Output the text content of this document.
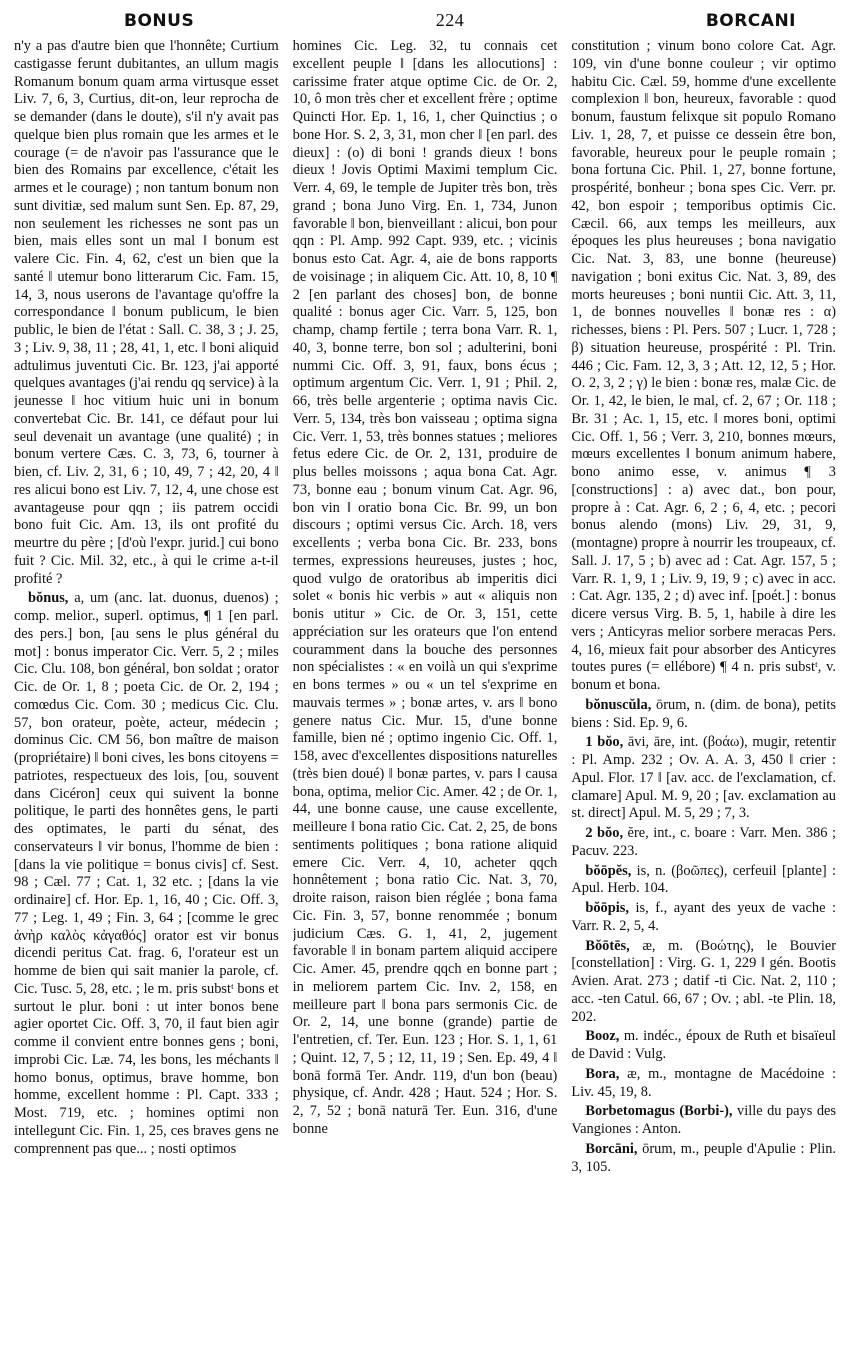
BONUS	224	BORCANI

n'y a pas d'autre bien que l'honnête; Curtium castigasse ferunt dubitantes, an ullum magis Romanum bonum quam arma virtusque esset Liv. 7, 6, 3, Curtius, dit-on, leur reprocha de se demander (dans le doute), s'il n'y avait pas quelque bien plus romain que les armes et le courage (= de n'avoir pas l'assurance que le bien des Romains par excellence, c'était les armes et le courage) ; non tantum bonum non sunt divitiæ, sed malum sunt Sen. Ep. 87, 29, non seulement les richesses ne sont pas un bien, mais elles sont un mal ‖ bonum est valere Cic. Fin. 4, 62, c'est un bien que la santé ‖ utemur bono litterarum Cic. Fam. 15, 14, 3, nous userons de l'avantage qu'offre la correspondance ‖ bonum publicum, le bien public, le bien de l'état : Sall. C. 38, 3 ; J. 25, 3 ; Liv. 9, 38, 11 ; 28, 41, 1, etc. ‖ boni aliquid adtulimus juventuti Cic. Br. 123, j'ai apporté quelques avantages (j'ai rendu qq service) à la jeunesse ‖ hoc vitium huic uni in bonum convertebat Cic. Br. 141, ce défaut pour lui seul devenait un avantage (une qualité) ; in bonum vertere Cæs. C. 3, 73, 6, tourner à bien, cf. Liv. 2, 31, 6 ; 10, 49, 7 ; 42, 20, 4 ‖ res alicui bono est Liv. 7, 12, 4, une chose est avantageuse pour qqn ; iis patrem occidi bono fuit Cic. Am. 13, ils ont profité du meurtre du père ; [d'où l'expr. jurid.] cui bono fuit ? Cic. Mil. 32, etc., à qui le crime a-t-il profité ?

bŏnus, a, um (anc. lat. duonus, duenos) ; comp. melior., superl. optimus, ¶ 1 [en parl. des pers.] bon, [au sens le plus général du mot] : bonus imperator Cic. Verr. 5, 2 ; miles Cic. Clu. 108, bon général, bon soldat ; orator Cic. de Or. 1, 8 ; poeta Cic. de Or. 2, 194 ; comœdus Cic. Com. 30 ; medicus Cic. Clu. 57, bon orateur, poète, acteur, médecin ; dominus Cic. CM 56, bon maître de maison (propriétaire) ‖ boni cives, les bons citoyens = patriotes, respectueux des lois, [ou, souvent dans Cicéron] ceux qui suivent la bonne politique, le parti des honnêtes gens, le parti des optimates, le parti du sénat, des conservateurs ‖ vir bonus, l'homme de bien : [dans la vie politique = bonus civis] cf. Sest. 98 ; Cæl. 77 ; Cat. 1, 32 etc. ; [dans la vie ordinaire] cf. Hor. Ep. 1, 16, 40 ; Cic. Off. 3, 77 ; Leg. 1, 49 ; Fin. 3, 64 ; [comme le grec ἀνὴρ καλὸς κἀγαθός] orator est vir bonus dicendi peritus Cat. frag. 6, l'orateur est un homme de bien qui sait manier la parole, cf. Cic. Tusc. 5, 28, etc. ; le m. pris substᵗ bons et surtout le plur. boni : ut inter bonos bene agier oportet Cic. Off. 3, 70, il faut bien agir comme il convient entre bonnes gens ; boni, improbi Cic. Læ. 74, les bons, les méchants ‖ homo bonus, optimus, brave homme, bon homme, excellent homme : Pl. Capt. 333 ; Most. 719, etc. ; homines optimi non intellegunt Cic. Fin. 1, 25, ces braves gens ne comprennent pas que... ; nosti optimos

homines Cic. Leg. 32, tu connais cet excellent peuple ‖ [dans les allocutions] : carissime frater atque optime Cic. de Or. 2, 10, ô mon très cher et excellent frère ; optime Quincti Hor. Ep. 1, 16, 1, cher Quinctius ; o bone Hor. S. 2, 3, 31, mon cher ‖ [en parl. des dieux] : (o) di boni ! grands dieux ! bons dieux ! Jovis Optimi Maximi templum Cic. Verr. 4, 69, le temple de Jupiter très bon, très grand ; bona Juno Virg. En. 1, 734, Junon favorable ‖ bon, bienveillant : alicui, bon pour qqn : Pl. Amp. 992 Capt. 939, etc. ; vicinis bonus esto Cat. Agr. 4, aie de bons rapports de voisinage ; in aliquem Cic. Att. 10, 8, 10 ¶ 2 [en parlant des choses] bon, de bonne qualité : bonus ager Cic. Varr. 5, 125, bon champ, champ fertile ; terra bona Varr. R. 1, 40, 3, bonne terre, bon sol ; adulterini, boni nummi Cic. Off. 3, 91, faux, bons écus ; optimum argentum Cic. Verr. 1, 91 ; Phil. 2, 66, très belle argenterie ; optima navis Cic. Verr. 5, 134, très bon vaisseau ; optima signa Cic. Verr. 1, 53, très bonnes statues ; meliores fetus edere Cic. de Or. 2, 131, produire de plus belles moissons ; aqua bona Cat. Agr. 73, bonne eau ; bonum vinum Cat. Agr. 96, bon vin ‖ oratio bona Cic. Br. 99, un bon discours ; optimi versus Cic. Arch. 18, vers excellents ; verba bona Cic. Br. 233, bons termes, expressions heureuses, justes ; hoc, quod vulgo de oratoribus ab imperitis dici solet « bonis hic verbis » aut « aliquis non bonis utitur » Cic. de Or. 3, 151, cette appréciation sur les orateurs que l'on entend couramment dans la bouche des personnes non spécialistes : « en voilà un qui s'exprime en bons termes » ou « un tel s'exprime en mauvais termes » ; bonæ artes, v. ars ‖ bono genere natus Cic. Mur. 15, d'une bonne famille, bien né ; optimo ingenio Cic. Off. 1, 158, avec d'excellentes dispositions naturelles (très bien doué) ‖ bonæ partes, v. pars ‖ causa bona, optima, melior Cic. Amer. 42 ; de Or. 1, 44, une bonne cause, une cause excellente, meilleure ‖ bona ratio Cic. Cat. 2, 25, de bons sentiments politiques ; bona ratione aliquid emere Cic. Verr. 4, 10, acheter qqch honnêtement ; bona ratio Cic. Nat. 3, 70, droite raison, raison bien réglée ; bona fama Cic. Fin. 3, 57, bonne renommée ; bonum judicium Cæs. G. 1, 41, 2, jugement favorable ‖ in bonam partem aliquid accipere Cic. Amer. 45, prendre qqch en bonne part ; in meliorem partem Cic. Inv. 2, 158, en meilleure part ‖ bona pars sermonis Cic. de Or. 2, 14, une bonne (grande) partie de l'entretien, cf. Ter. Eun. 123 ; Hor. S. 1, 1, 61 ; Quint. 12, 7, 5 ; 12, 11, 19 ; Sen. Ep. 49, 4 ‖ bonā formā Ter. Andr. 119, d'un bon (beau) physique, cf. Andr. 428 ; Haut. 524 ; Hor. S. 2, 7, 52 ; bonā naturā Ter. Eun. 316, d'une bonne

constitution ; vinum bono colore Cat. Agr. 109, vin d'une bonne couleur ; vir optimo habitu Cic. Cæl. 59, homme d'une excellente complexion ‖ bon, heureux, favorable : quod bonum, faustum felixque sit populo Romano Liv. 1, 28, 7, et puisse ce dessein être bon, favorable, heureux pour le peuple romain ; bona fortuna Cic. Phil. 1, 27, bonne fortune, prospérité, bonheur ; bona spes Cic. Verr. pr. 42, bon espoir ; temporibus optimis Cic. Cæcil. 66, aux temps les meilleurs, aux époques les plus heureuses ; bona navigatio Cic. Nat. 3, 83, une bonne (heureuse) navigation ; boni exitus Cic. Nat. 3, 89, des morts heureuses ; boni nuntii Cic. Att. 3, 11, 1, de bonnes nouvelles ‖ bonæ res : α) richesses, biens : Pl. Pers. 507 ; Lucr. 1, 728 ; β) situation heureuse, prospérité : Pl. Trin. 446 ; Cic. Fam. 12, 3, 3 ; Att. 12, 12, 5 ; Hor. O. 2, 3, 2 ; γ) le bien : bonæ res, malæ Cic. de Or. 1, 42, le bien, le mal, cf. 2, 67 ; Or. 118 ; Br. 31 ; Ac. 1, 15, etc. ‖ mores boni, optimi Cic. Off. 1, 56 ; Verr. 3, 210, bonnes mœurs, mœurs excellentes ‖ bonum animum habere, bono animo esse, v. animus ¶ 3 [constructions] : a) avec dat., bon pour, propre à : Cat. Agr. 6, 2 ; 6, 4, etc. ; pecori bonus alendo (mons) Liv. 29, 31, 9, (montagne) propre à nourrir les troupeaux, cf. Sall. J. 17, 5 ; b) avec ad : Cat. Agr. 157, 5 ; Varr. R. 1, 9, 1 ; Liv. 9, 19, 9 ; c) avec in acc. : Cat. Agr. 135, 2 ; d) avec inf. [poét.] : bonus dicere versus Virg. B. 5, 1, habile à dire les vers ; Anticyras melior sorbere meracas Pers. 4, 16, mieux fait pour absorber des Anticyres toutes pures (= ellébore) ¶ 4 n. pris substᵗ, v. bonum et bona.

bŏnuscŭla, ōrum, n. (dim. de bona), petits biens : Sid. Ep. 9, 6.

1 bŏo, āvi, āre, int. (βοάω), mugir, retentir : Pl. Amp. 232 ; Ov. A. A. 3, 450 ‖ crier : Apul. Flor. 17 ‖ [av. acc. de l'exclamation, cf. clamare] Apul. M. 9, 20 ; [av. exclamation au st. direct] Apul. M. 5, 29 ; 7, 3.

2 bŏo, ĕre, int., c. boare : Varr. Men. 386 ; Pacuv. 223.

bŏōpĕs, is, n. (βοῶπες), cerfeuil [plante] : Apul. Herb. 104.

bŏōpis, is, f., ayant des yeux de vache : Varr. R. 2, 5, 4.

Bŏōtēs, æ, m. (Βοώτης), le Bouvier [constellation] : Virg. G. 1, 229 ‖ gén. Bootis Avien. Arat. 273 ; datif -ti Cic. Nat. 2, 110 ; acc. -ten Catul. 66, 67 ; Ov. ; abl. -te Plin. 18, 202.

Booz, m. indéc., époux de Ruth et bisaïeul de David : Vulg.

Bora, æ, m., montagne de Macédoine : Liv. 45, 19, 8.

Borbetomagus (Borbi-), ville du pays des Vangiones : Anton.

Borcāni, ōrum, m., peuple d'Apulie : Plin. 3, 105.
